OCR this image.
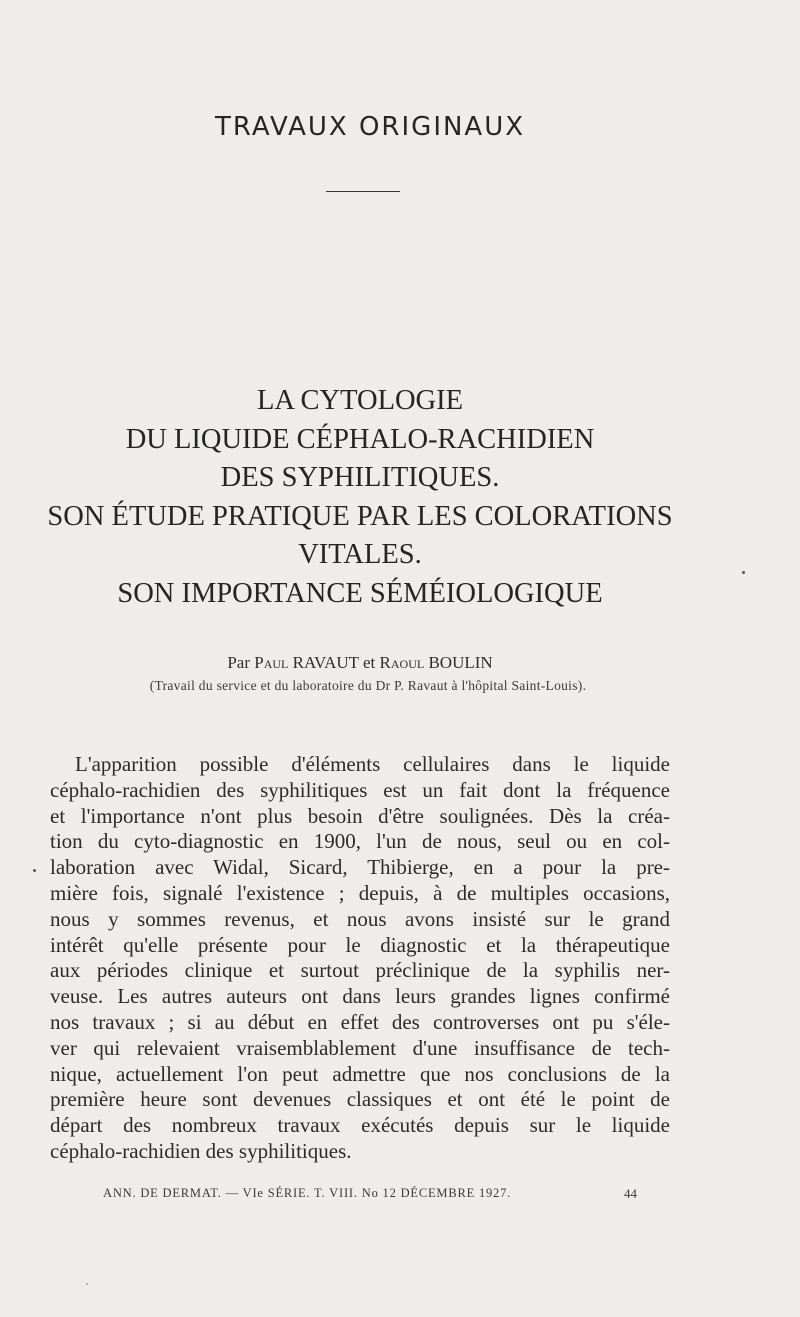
TRAVAUX ORIGINAUX
LA CYTOLOGIE
DU LIQUIDE CÉPHALO-RACHIDIEN
DES SYPHILITIQUES.
SON ÉTUDE PRATIQUE PAR LES COLORATIONS
VITALES.
SON IMPORTANCE SÉMÉIOLOGIQUE
Par Paul RAVAUT et Raoul BOULIN
(Travail du service et du laboratoire du Dr P. Ravaut à l'hôpital Saint-Louis).
L'apparition possible d'éléments cellulaires dans le liquide
céphalo-rachidien des syphilitiques est un fait dont la fréquence
et l'importance n'ont plus besoin d'être soulignées. Dès la créa-
tion du cyto-diagnostic en 1900, l'un de nous, seul ou en col-
laboration avec Widal, Sicard, Thibierge, en a pour la pre-
mière fois, signalé l'existence ; depuis, à de multiples occasions,
nous y sommes revenus, et nous avons insisté sur le grand
intérêt qu'elle présente pour le diagnostic et la thérapeutique
aux périodes clinique et surtout préclinique de la syphilis ner-
veuse. Les autres auteurs ont dans leurs grandes lignes confirmé
nos travaux ; si au début en effet des controverses ont pu s'éle-
ver qui relevaient vraisemblablement d'une insuffisance de tech-
nique, actuellement l'on peut admettre que nos conclusions de la
première heure sont devenues classiques et ont été le point de
départ des nombreux travaux exécutés depuis sur le liquide
céphalo-rachidien des syphilitiques.
ANN. DE DERMAT. — VIe SÉRIE. T. VIII. No 12 DÉCEMBRE 1927.	44
